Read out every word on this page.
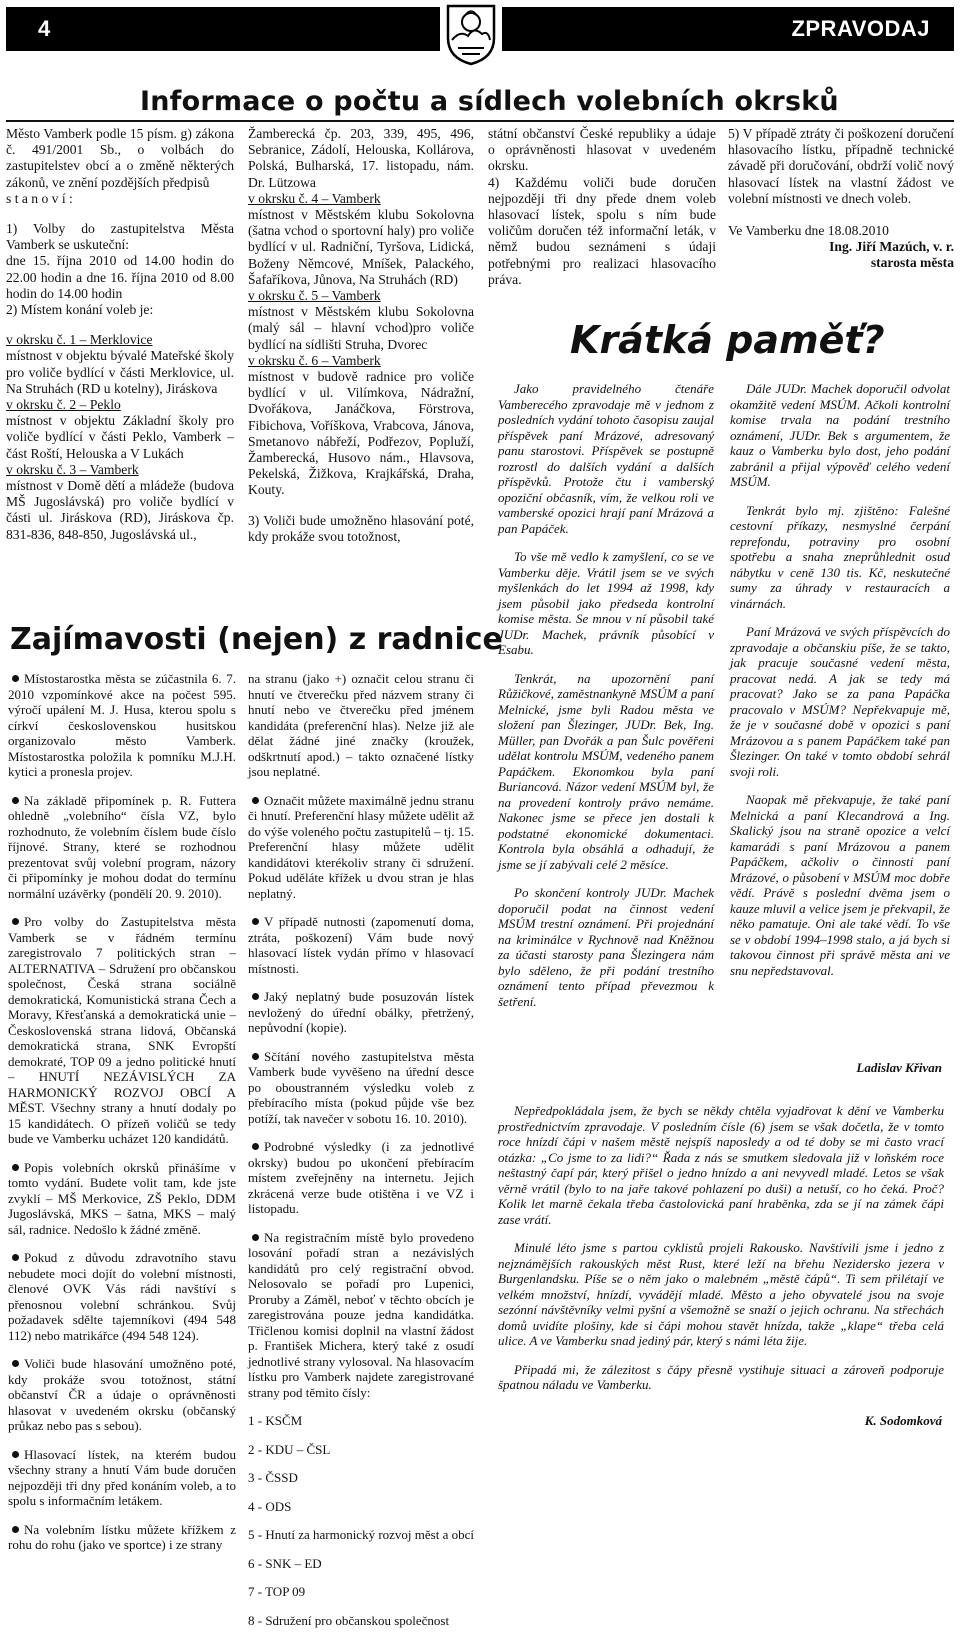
4	ZPRAVODAJ
Informace o počtu a sídlech volebních okrsků

Město Vamberk podle 15 písm. g) zákona č. 491/2001 Sb., o volbách do zastupitelstev obcí a o změně některých zákonů, ve znění pozdějších předpisů

s t a n o v í :

1) Volby do zastupitelstva Města Vamberk se uskuteční:

dne 15. října 2010 od 14.00 hodin do 22.00 hodin a dne 16. října 2010 od 8.00 hodin do 14.00 hodin

2) Místem konání voleb je:

v okrsku č. 1 – Merklovice

místnost v objektu bývalé Mateřské školy pro voliče bydlící v části Merklovice, ul. Na Struhách (RD u kotelny), Jiráskova

v okrsku č. 2 – Peklo

místnost v objektu Základní školy pro voliče bydlící v části Peklo, Vamberk – část Roští, Helouska a V Lukách

v okrsku č. 3 – Vamberk

místnost v Domě dětí a mládeže (budova MŠ Jugoslávská) pro voliče bydlící v části ul. Jiráskova (RD), Jiráskova čp. 831-836, 848-850, Jugoslávská ul.,

Žamberecká čp. 203, 339, 495, 496, Sebranice, Zádolí, Helouska, Kollárova, Polská, Bulharská, 17. listopadu, nám. Dr. Lützowa

v okrsku č. 4 – Vamberk

místnost v Městském klubu Sokolovna (šatna vchod o sportovní haly) pro voliče bydlící v ul. Radniční, Tyršova, Lidická, Boženy Němcové, Mníšek, Palackého, Šafaříkova, Jůnova, Na Struhách (RD)

v okrsku č. 5 – Vamberk

místnost v Městském klubu Sokolovna (malý sál – hlavní vchod)pro voliče bydlící na sídlišti Struha, Dvorec

v okrsku č. 6 – Vamberk

místnost v budově radnice pro voliče bydlící v ul. Vilímkova, Nádražní, Dvořákova, Janáčkova, Förstrova, Fibichova, Voříškova, Vrabcova, Jánova, Smetanovo nábřeží, Podřezov, Popluží, Žamberecká, Husovo nám., Hlavsova, Pekelská, Žižkova, Krajkářská, Draha, Kouty.

3) Voliči bude umožněno hlasování poté, kdy prokáže svou totožnost,

státní občanství České republiky a údaje o oprávněnosti hlasovat v uvedeném okrsku.

4) Každému voliči bude doručen nejpozději tři dny přede dnem voleb hlasovací lístek, spolu s ním bude voličům doručen též informační leták, v němž budou seznámeni s údaji potřebnými pro realizaci hlasovacího práva.

5) V případě ztráty či poškození doručení hlasovacího lístku, případně technické závadě při doručování, obdrží volič nový hlasovací lístek na vlastní žádost ve volební místnosti ve dnech voleb.

Ve Vamberku dne 18.08.2010

Ing. Jiří Mazúch, v. r.

starosta města

Krátká paměť?
Zajímavosti (nejen) z radnice

Místostarostka města se zúčastnila 6. 7. 2010 vzpomínkové akce na počest 595. výročí upálení M. J. Husa, kterou spolu s církví československou husitskou organizovalo město Vamberk. Místostarostka položila k pomníku M.J.H. kytici a pronesla projev.

Na základě připomínek p. R. Futtera ohledně „volebního“ čísla VZ, bylo rozhodnuto, že volebním číslem bude číslo říjnové. Strany, které se rozhodnou prezentovat svůj volební program, názory či připomínky je mohou dodat do termínu normální uzávěrky (pondělí 20. 9. 2010).

Pro volby do Zastupitelstva města Vamberk se v řádném termínu zaregistrovalo 7 politických stran – ALTERNATIVA – Sdružení pro občanskou společnost, Česká strana sociálně demokratická, Komunistická strana Čech a Moravy, Křesťanská a demokratická unie – Československá strana lidová, Občanská demokratická strana, SNK Evropští demokraté, TOP 09 a jedno politické hnutí – HNUTÍ NEZÁVISLÝCH ZA HARMONICKÝ ROZVOJ OBCÍ A MĚST. Všechny strany a hnutí dodaly po 15 kandidátech. O přízeň voličů se tedy bude ve Vamberku ucházet 120 kandidátů.

Popis volebních okrsků přinášíme v tomto vydání. Budete volit tam, kde jste zvyklí – MŠ Merkovice, ZŠ Peklo, DDM Jugoslávská, MKS – šatna, MKS – malý sál, radnice. Nedošlo k žádné změně.

Pokud z důvodu zdravotního stavu nebudete moci dojít do volební místnosti, členové OVK Vás rádi navštíví s přenosnou volební schránkou. Svůj požadavek sdělte tajemníkovi (494 548 112) nebo matrikářce (494 548 124).

Voliči bude hlasování umožněno poté, kdy prokáže svou totožnost, státní občanství ČR a údaje o oprávněnosti hlasovat v uvedeném okrsku (občanský průkaz nebo pas s sebou).

Hlasovací lístek, na kterém budou všechny strany a hnutí Vám bude doručen nejpozději tři dny před konáním voleb, a to spolu s informačním letákem.

Na volebním lístku můžete křížkem z rohu do rohu (jako ve sportce) i ze strany

na stranu (jako +) označit celou stranu či hnutí ve čtverečku před názvem strany či hnutí nebo ve čtverečku před jménem kandidáta (preferenční hlas). Nelze již ale dělat žádné jiné značky (kroužek, odškrtnutí apod.) – takto označené lístky jsou neplatné.

Označit můžete maximálně jednu stranu či hnutí. Preferenční hlasy můžete udělit až do výše voleného počtu zastupitelů – tj. 15. Preferenční hlasy můžete udělit kandidátovi kterékoliv strany či sdružení. Pokud uděláte křížek u dvou stran je hlas neplatný.

V případě nutnosti (zapomenutí doma, ztráta, poškození) Vám bude nový hlasovací lístek vydán přímo v hlasovací místnosti.

Jaký neplatný bude posuzován lístek nevložený do úřední obálky, přetržený, nepůvodní (kopie).

Sčítání nového zastupitelstva města Vamberk bude vyvěšeno na úřední desce po oboustranném výsledku voleb z přebíracího místa (pokud půjde vše bez potíží, tak navečer v sobotu 16. 10. 2010).

Podrobné výsledky (i za jednotlivé okrsky) budou po ukončení přebíracím místem zveřejněny na internetu. Jejich zkrácená verze bude otištěna i ve VZ i listopadu.

Na registračním místě bylo provedeno losování pořadí stran a nezávislých kandidátů pro celý registrační obvod. Nelosovalo se pořadí pro Lupenici, Proruby a Záměl, neboť v těchto obcích je zaregistrována pouze jedna kandidátka. Třičlenou komisi doplnil na vlastní žádost p. František Michera, který také z osudí jednotlivé strany vylosoval. Na hlasovacím lístku pro Vamberk najdete zaregistrované strany pod těmito čísly:

1 - KSČM

2 - KDU – ČSL

3 - ČSSD

4 - ODS

5 - Hnutí za harmonický rozvoj měst a obcí

6 - SNK – ED

7 - TOP 09

8 - Sdružení pro občanskou společnost

Jako pravidelného čtenáře Vamberecého zpravodaje mě v jednom z posledních vydání tohoto časopisu zaujal příspěvek paní Mrázové, adresovaný panu starostovi. Příspěvek se postupně rozrostl do dalších vydání a dalších příspěvků. Protože čtu i vamberský opoziční občasník, vím, že velkou roli ve vamberské opozici hrají paní Mrázová a pan Papáček.

To vše mě vedlo k zamyšlení, co se ve Vamberku děje. Vrátil jsem se ve svých myšlenkách do let 1994 až 1998, kdy jsem působil jako předseda kontrolní komise města. Se mnou v ní působil také JUDr. Machek, právník působící v Esabu.

Tenkrát, na upozornění paní Růžičkové, zaměstnankyně MSÚM a paní Melnické, jsme byli Radou města ve složení pan Šlezinger, JUDr. Bek, Ing. Müller, pan Dvořák a pan Šulc pověřeni udělat kontrolu MSÚM, vedeného panem Papáčkem. Ekonomkou byla paní Buriancová. Názor vedení MSÚM byl, že na provedení kontroly právo nemáme. Nakonec jsme se přece jen dostali k podstatné ekonomické dokumentaci. Kontrola byla obsáhlá a odhadují, že jsme se jí zabývali celé 2 měsíce.

Po skončení kontroly JUDr. Machek doporučil podat na činnost vedení MSÚM trestní oznámení. Při projednání na kriminálce v Rychnově nad Kněžnou za účasti starosty pana Šlezingera nám bylo sděleno, že při podání trestního oznámení tento případ převezmou k šetření.

Dále JUDr. Machek doporučil odvolat okamžitě vedení MSÚM. Ačkoli kontrolní komise trvala na podání trestního oznámení, JUDr. Bek s argumentem, že kauz o Vamberku bylo dost, jeho podání zabránil a přijal výpověď celého vedení MSÚM.

Tenkrát bylo mj. zjištěno: Falešné cestovní příkazy, nesmyslné čerpání reprefondu, potraviny pro osobní spotřebu a snaha zneprůhlednit osud nábytku v ceně 130 tis. Kč, neskutečné sumy za úhrady v restauracích a vinárnách.

Paní Mrázová ve svých příspěvcích do zpravodaje a občanskiu píše, že se takto, jak pracuje současné vedení města, pracovat nedá. A jak se tedy má pracovat? Jako se za pana Papáčka pracovalo v MSÚM? Nepřekvapuje mě, že je v současné době v opozici s paní Mrázovou a s panem Papáčkem také pan Šlezinger. On také v tomto období sehrál svoji roli.

Naopak mě překvapuje, že také paní Melnická a paní Klecandrová a Ing. Skalický jsou na straně opozice a velcí kamarádi s paní Mrázovou a panem Papáčkem, ačkoliv o činnosti paní Mrázové, o působení v MSÚM moc dobře vědí. Právě s poslední dvěma jsem o kauze mluvil a velice jsem je překvapil, že něko pamatuje. Oni ale také vědí. To vše se v období 1994–1998 stalo, a já bych si takovou činnost při správě města ani ve snu nepředstavoval.

Ladislav Křivan

Nepředpokládala jsem, že bych se někdy chtěla vyjadřovat k dění ve Vamberku prostřednictvím zpravodaje. V posledním čísle (6) jsem se však dočetla, že v tomto roce hnízdí čápi v našem městě nejspíš naposledy a od té doby se mi často vrací otázka: „Co jsme to za lidi?“ Řada z nás se smutkem sledovala již v loňském roce neštastný čapí pár, který přišel o jedno hnízdo a ani nevyvedl mladé. Letos se však věrně vrátil (bylo to na jaře takové pohlazení po duši) a netuší, co ho čeká. Proč? Kolik let marně čekala třeba častolovická paní hraběnka, zda se jí na zámek čápi zase vrátí.

Minulé léto jsme s partou cyklistů projeli Rakousko. Navštívili jsme i jedno z nejznámějších rakouských měst Rust, které leží na břehu Nezidersko jezera v Burgenlandsku. Píše se o něm jako o malebném „městě čápů“. Ti sem přilétají ve velkém množství, hnízdí, vyvádějí mladé. Město a jeho obyvatelé jsou na svoje sezónní návštěvníky velmi pyšní a všemožně se snaží o jejich ochranu. Na střechách domů uvidíte plošiny, kde si čápi mohou stavět hnízda, takže „klape“ třeba celá ulice. A ve Vamberku snad jediný pár, který s námi léta žije.

Připadá mi, že zálezitost s čápy přesně vystihuje situaci a zároveň podporuje špatnou náladu ve Vamberku.

K. Sodomková
